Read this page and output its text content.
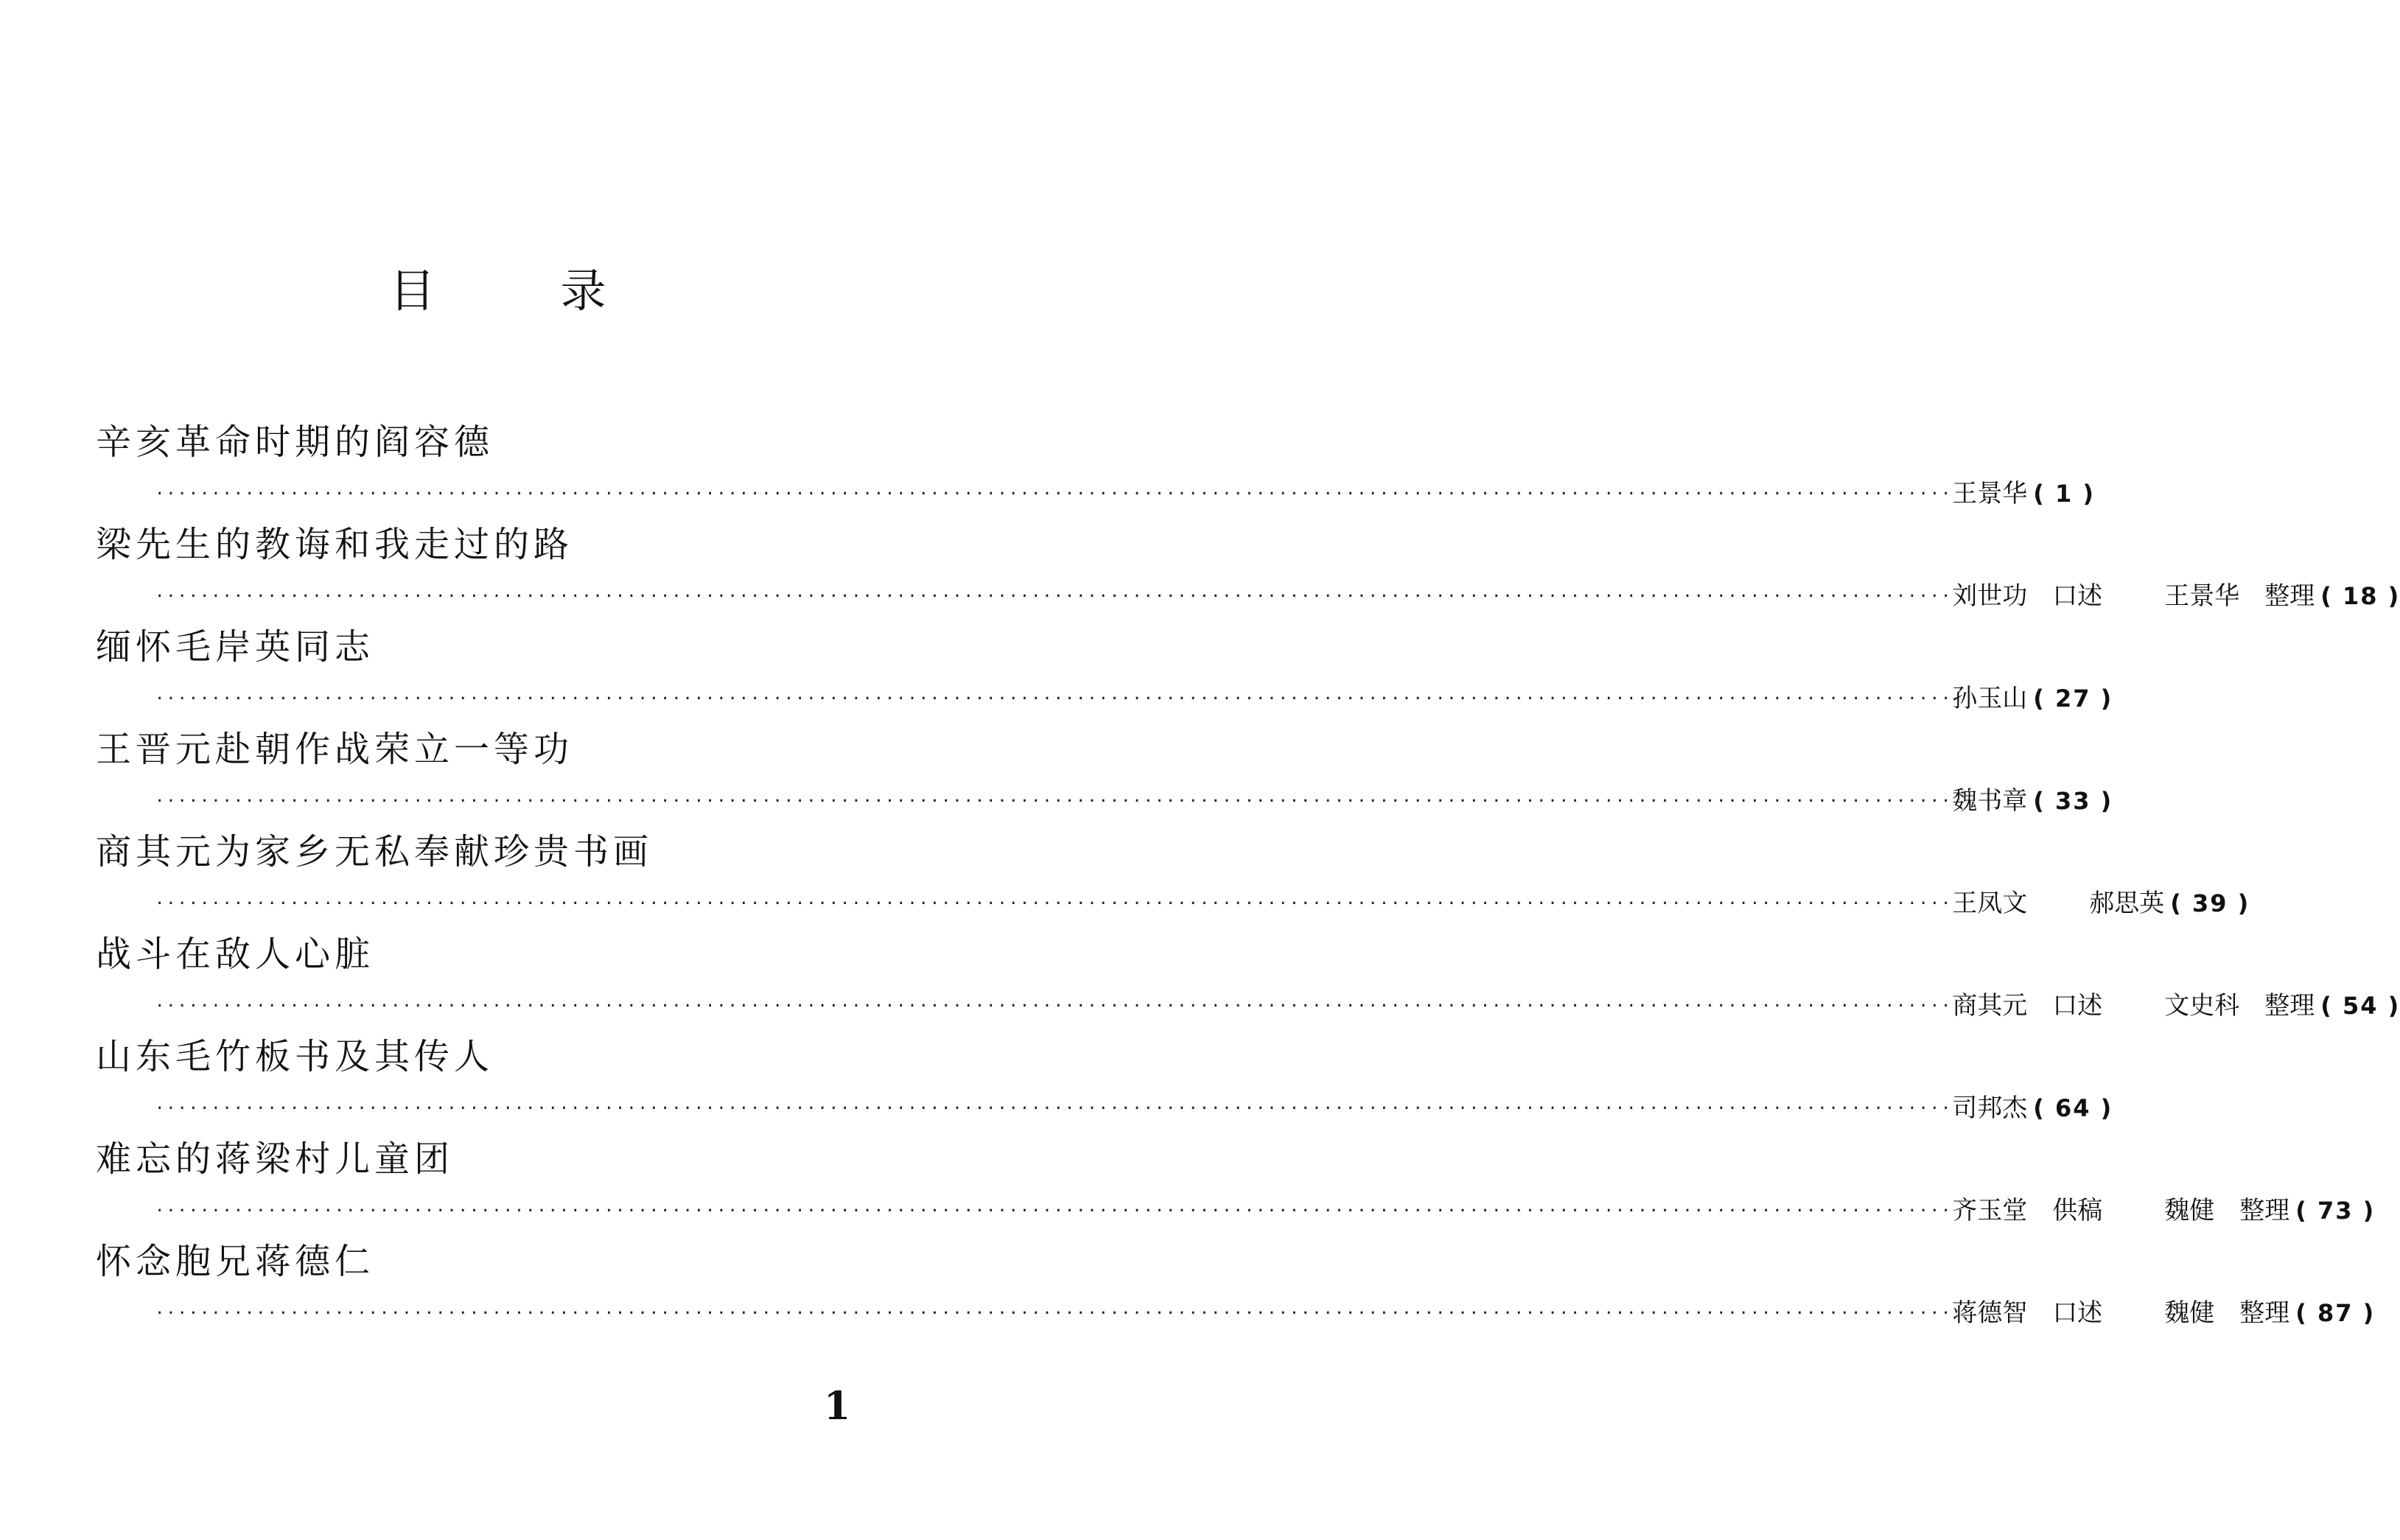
目	录
辛亥革命时期的阎容德
································································································································································ 王景华 ( 1 )
梁先生的教诲和我走过的路
································································································································································ 刘世功 口述 王景华 整理 ( 18 )
缅怀毛岸英同志
································································································································································ 孙玉山 ( 27 )
王晋元赴朝作战荣立一等功
································································································································································ 魏书章 ( 33 )
商其元为家乡无私奉献珍贵书画
································································································································································ 王凤文 郝思英 ( 39 )
战斗在敌人心脏
································································································································································ 商其元 口述 文史科 整理 ( 54 )
山东毛竹板书及其传人
································································································································································ 司邦杰 ( 64 )
难忘的蒋梁村儿童团
································································································································································ 齐玉堂 供稿 魏健 整理 ( 73 )
怀念胞兄蒋德仁
································································································································································ 蒋德智 口述 魏健 整理 ( 87 )
1
